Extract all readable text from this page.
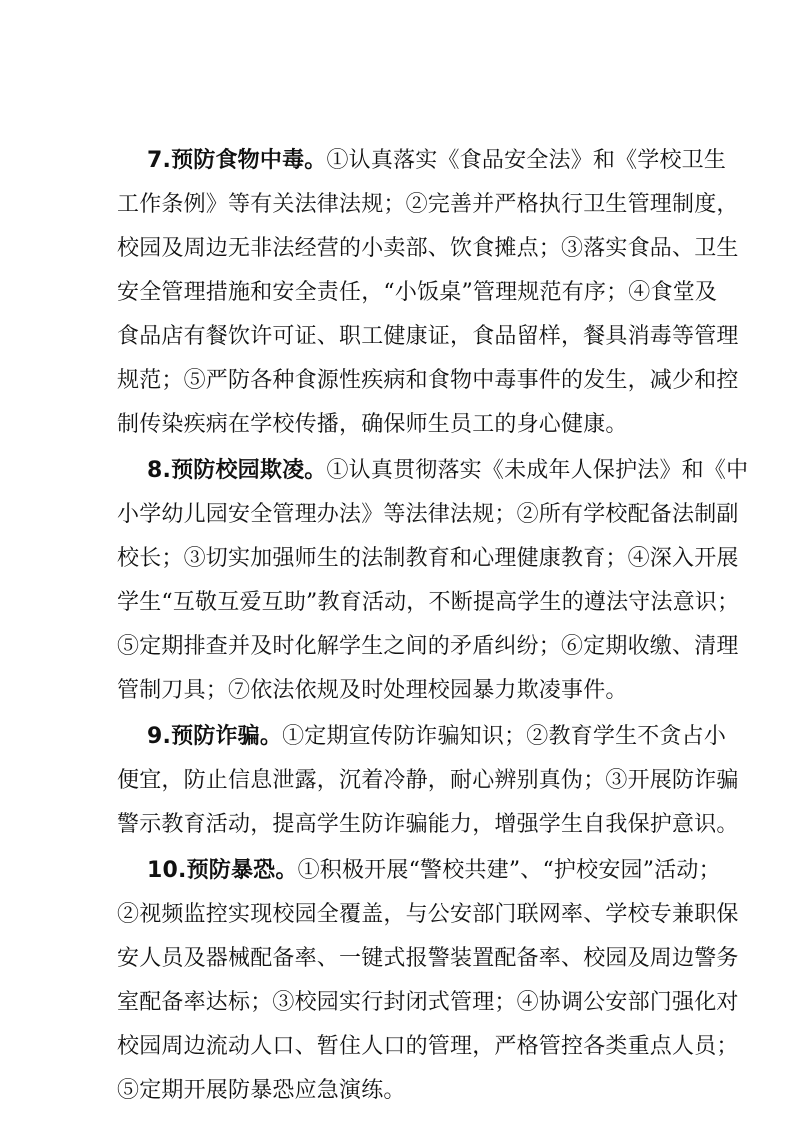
7.预防食物中毒。①认真落实《食品安全法》和《学校卫生
工作条例》等有关法律法规；②完善并严格执行卫生管理制度，
校园及周边无非法经营的小卖部、饮食摊点；③落实食品、卫生
安全管理措施和安全责任，“小饭桌”管理规范有序；④食堂及
食品店有餐饮许可证、职工健康证，食品留样，餐具消毒等管理
规范；⑤严防各种食源性疾病和食物中毒事件的发生，减少和控
制传染疾病在学校传播，确保师生员工的身心健康。
8.预防校园欺凌。①认真贯彻落实《未成年人保护法》和《中
小学幼儿园安全管理办法》等法律法规；②所有学校配备法制副
校长；③切实加强师生的法制教育和心理健康教育；④深入开展
学生“互敬互爱互助”教育活动，不断提高学生的遵法守法意识；
⑤定期排查并及时化解学生之间的矛盾纠纷；⑥定期收缴、清理
管制刀具；⑦依法依规及时处理校园暴力欺凌事件。
9.预防诈骗。①定期宣传防诈骗知识；②教育学生不贪占小
便宜，防止信息泄露，沉着冷静，耐心辨别真伪；③开展防诈骗
警示教育活动，提高学生防诈骗能力，增强学生自我保护意识。
10.预防暴恐。①积极开展“警校共建”、“护校安园”活动；
②视频监控实现校园全覆盖，与公安部门联网率、学校专兼职保
安人员及器械配备率、一键式报警装置配备率、校园及周边警务
室配备率达标；③校园实行封闭式管理；④协调公安部门强化对
校园周边流动人口、暂住人口的管理，严格管控各类重点人员；
⑤定期开展防暴恐应急演练。
